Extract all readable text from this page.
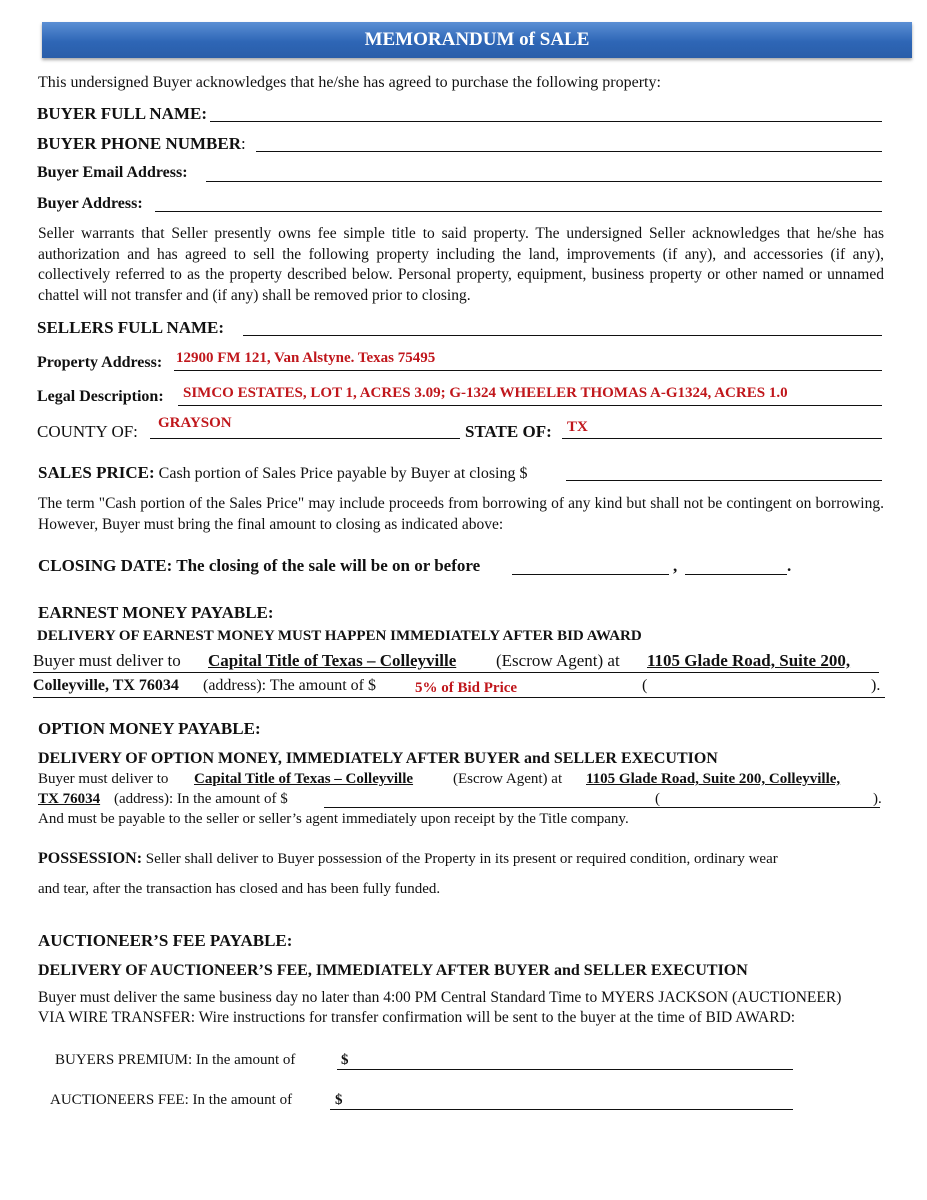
MEMORANDUM of SALE
This undersigned Buyer acknowledges that he/she has agreed to purchase the following property:
BUYER FULL NAME:
BUYER PHONE NUMBER:
Buyer Email Address:
Buyer Address:
Seller warrants that Seller presently owns fee simple title to said property. The undersigned Seller acknowledges that he/she has authorization and has agreed to sell the following property including the land, improvements (if any), and accessories (if any), collectively referred to as the property described below. Personal property, equipment, business property or other named or unnamed chattel will not transfer and (if any) shall be removed prior to closing.
SELLERS FULL NAME:
Property Address: 12900 FM 121, Van Alstyne. Texas 75495
Legal Description: SIMCO ESTATES, LOT 1, ACRES 3.09; G-1324 WHEELER THOMAS A-G1324, ACRES 1.0
COUNTY OF: GRAYSON	STATE OF: TX
SALES PRICE: Cash portion of Sales Price payable by Buyer at closing $
The term "Cash portion of the Sales Price" may include proceeds from borrowing of any kind but shall not be contingent on borrowing. However, Buyer must bring the final amount to closing as indicated above:
CLOSING DATE: The closing of the sale will be on or before	,	.
EARNEST MONEY PAYABLE:
DELIVERY OF EARNEST MONEY MUST HAPPEN IMMEDIATELY AFTER BID AWARD
Buyer must deliver to Capital Title of Texas – Colleyville (Escrow Agent) at 1105 Glade Road, Suite 200,
Colleyville, TX 76034 (address): The amount of $	5% of Bid Price	(	).
OPTION MONEY PAYABLE:
DELIVERY OF OPTION MONEY, IMMEDIATELY AFTER BUYER and SELLER EXECUTION
Buyer must deliver to Capital Title of Texas – Colleyville	(Escrow Agent) at 1105 Glade Road, Suite 200, Colleyville,
TX 76034 (address): In the amount of $	(	).
And must be payable to the seller or seller’s agent immediately upon receipt by the Title company.
POSSESSION: Seller shall deliver to Buyer possession of the Property in its present or required condition, ordinary wear
and tear, after the transaction has closed and has been fully funded.
AUCTIONEER’S FEE PAYABLE:
DELIVERY OF AUCTIONEER’S FEE, IMMEDIATELY AFTER BUYER and SELLER EXECUTION
Buyer must deliver the same business day no later than 4:00 PM Central Standard Time to MYERS JACKSON (AUCTIONEER) VIA WIRE TRANSFER: Wire instructions for transfer confirmation will be sent to the buyer at the time of BID AWARD:
BUYERS PREMIUM: In the amount of	$
AUCTIONEERS FEE: In the amount of	$
